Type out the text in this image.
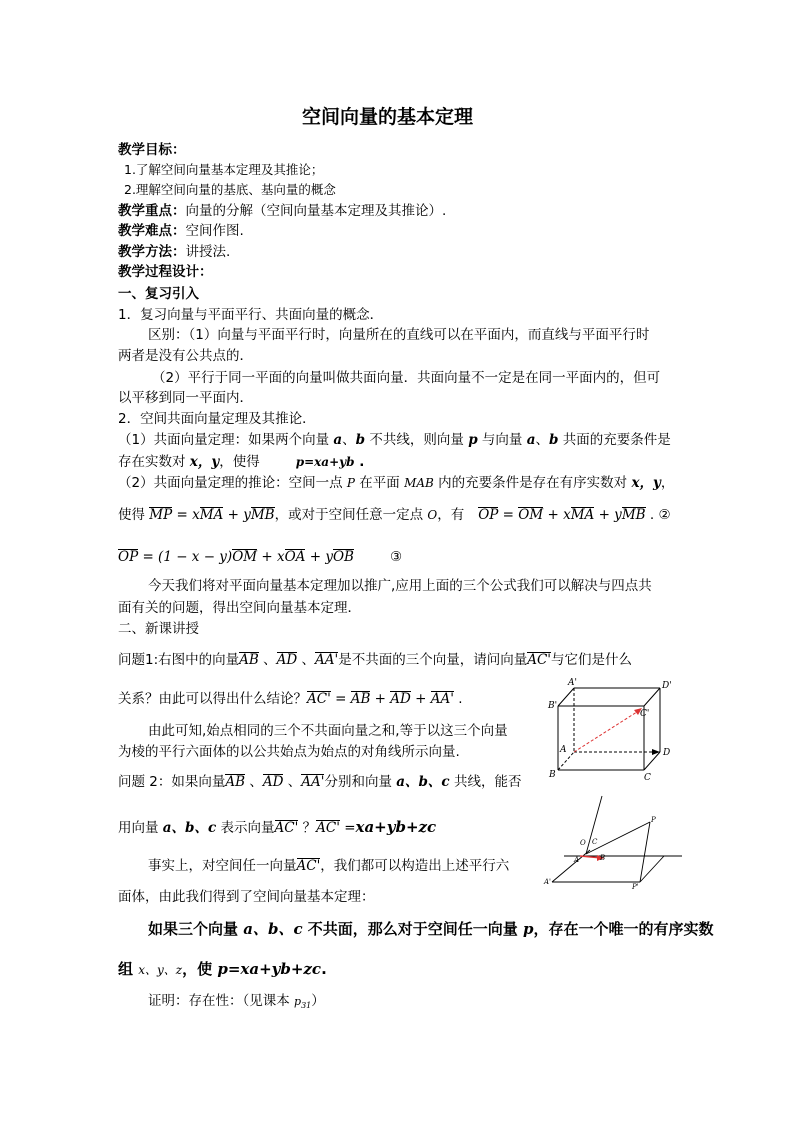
空间向量的基本定理
教学目标：
1.了解空间向量基本定理及其推论；
2.理解空间向量的基底、基向量的概念
教学重点：向量的分解（空间向量基本定理及其推论）.
教学难点：空间作图.
教学方法：讲授法.
教学过程设计：
一、复习引入
1．复习向量与平面平行、共面向量的概念．
区别：（1）向量与平面平行时，向量所在的直线可以在平面内，而直线与平面平行时
两者是没有公共点的．
（2）平行于同一平面的向量叫做共面向量．共面向量不一定是在同一平面内的，但可
以平移到同一平面内．
2．空间共面向量定理及其推论．
（1）共面向量定理：如果两个向量 a、b 不共线，则向量 p 与向量 a、b 共面的充要条件是
存在实数对 x，y，使得	p=xa+yb .
（2）共面向量定理的推论：空间一点 P 在平面 MAB 内的充要条件是存在有序实数对 x，y，
使得 MP = xMA + yMB，或对于空间任意一定点 O，有 OP = OM + xMA + yMB . ②
OP = (1 − x − y)OM + xOA + yOB	③
今天我们将对平面向量基本定理加以推广,应用上面的三个公式我们可以解决与四点共
面有关的问题，得出空间向量基本定理．
二、新课讲授
问题1:右图中的向量AB 、AD 、AA'是不共面的三个向量，请问向量AC'与它们是什么
关系？由此可以得出什么结论？AC' = AB + AD + AA' .
由此可知,始点相同的三个不共面向量之和,等于以这三个向量
为棱的平行六面体的以公共始点为始点的对角线所示向量.
问题 2：如果向量AB 、AD 、AA'分别和向量 a、b、c 共线，能否
用向量 a、b、c 表示向量AC' ？AC' =xa+yb+zc
事实上，对空间任一向量AC'，我们都可以构造出上述平行六
面体，由此我们得到了空间向量基本定理：
如果三个向量 a、b、c 不共面，那么对于空间任一向量 p，存在一个唯一的有序实数
组 x、y、z，使 p=xa+yb+zc.
证明：存在性：（见课本 $p_{31}$）
A'	D'
C'
B'
A	D
B	C
C
P
O
A	B
A'
P'
